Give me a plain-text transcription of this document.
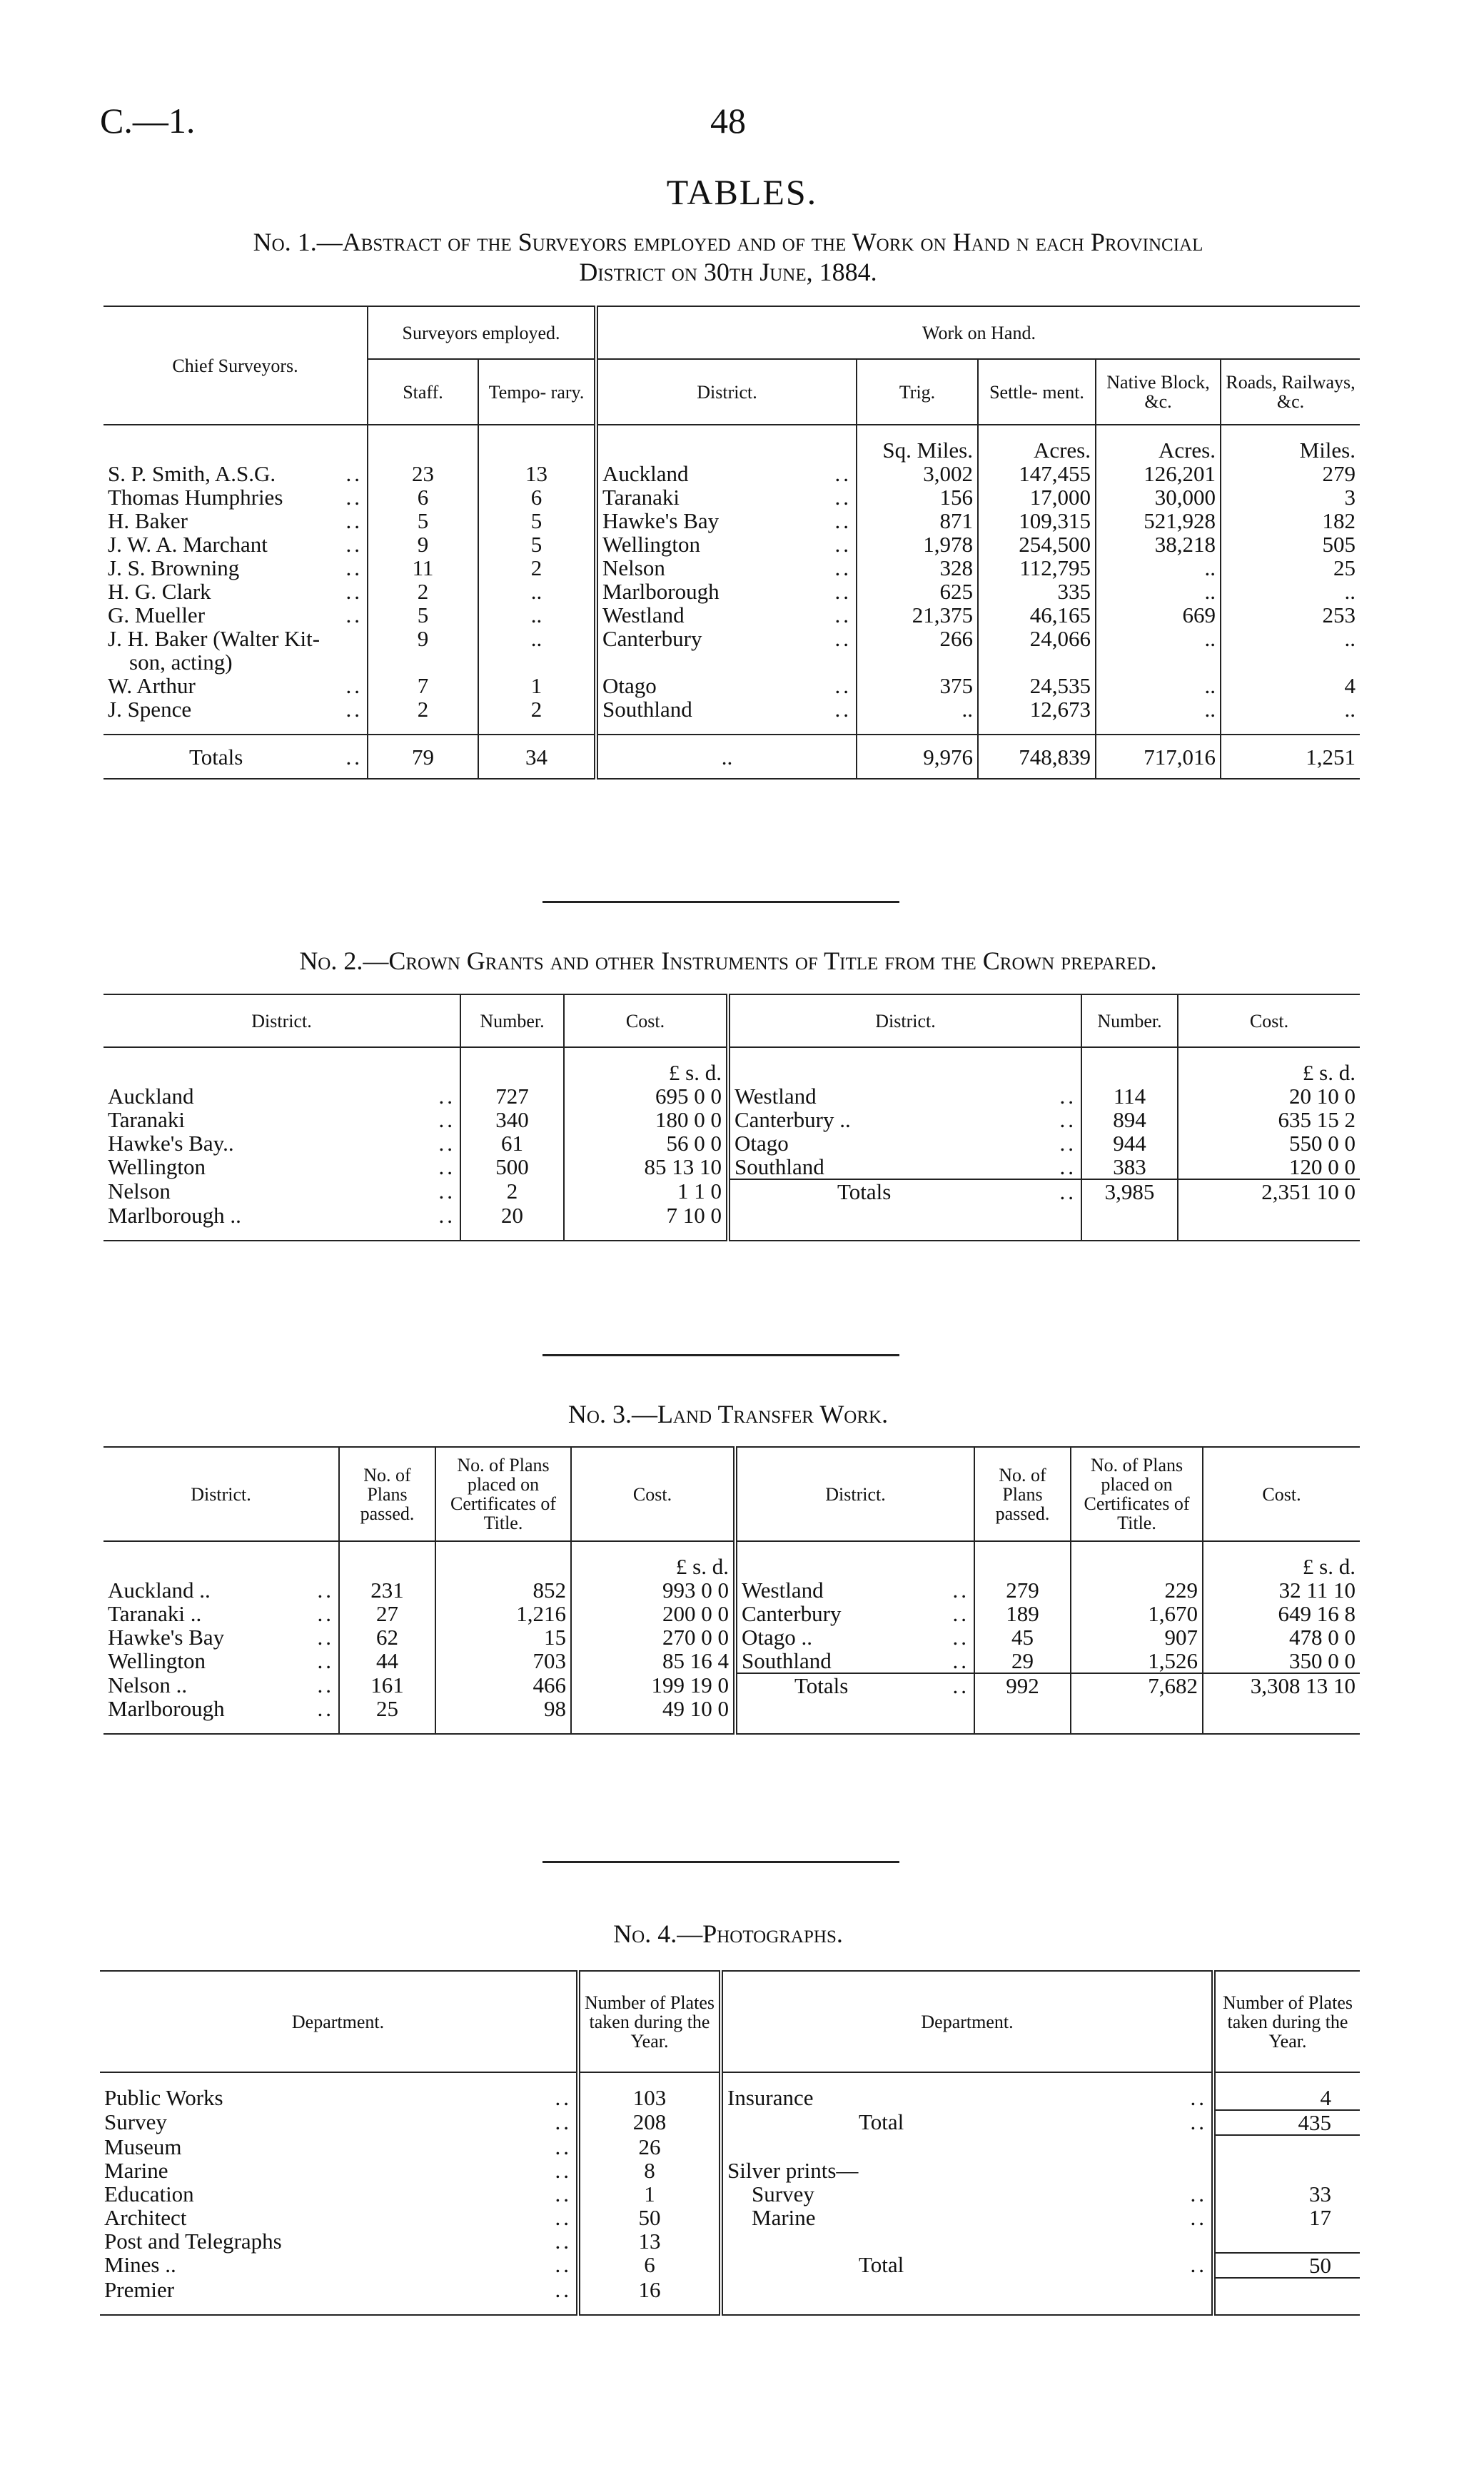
C.—1.	48
TABLES.
No. 1.—Abstract of the Surveyors employed and of the Work on Hand n each Provincial
District on 30th June, 1884.
Chief Surveyors.	Surveyors employed.		Work on Hand.				
	Staff.	Tempo- rary.	District.	Trig.	Settle- ment.	Native Block, &c.	Roads, Railways, &c.

				Sq. Miles.	Acres.	Acres.	Miles.
S. P. Smith, A.S.G. ..	23	13	Auckland ..	3,002	147,455	126,201	279
Thomas Humphries ..	6	6	Taranaki ..	156	17,000	30,000	3
H. Baker ..	5	5	Hawke's Bay ..	871	109,315	521,928	182
J. W. A. Marchant ..	9	5	Wellington ..	1,978	254,500	38,218	505
J. S. Browning ..	11	2	Nelson ..	328	112,795	..	25
H. G. Clark ..	2	..	Marlborough ..	625	335	..	..
G. Mueller ..	5	..	Westland ..	21,375	46,165	669	253
J. H. Baker (Walter Kit-
son, acting)	9	..	Canterbury ..	266	24,066	..	..
W. Arthur ..	7	1	Otago ..	375	24,535	..	4
J. Spence ..	2	2	Southland ..	..	12,673	..	..

Totals ..	79	34	..	9,976	748,839	717,016	1,251
No. 2.—Crown Grants and other Instruments of Title from the Crown prepared.
District.	Number.	Cost.	District.	Number.	Cost.

		£ s. d.			£ s. d.
Auckland ..	727	695 0 0	Westland ..	114	20 10 0
Taranaki ..	340	180 0 0	Canterbury .. ..	894	635 15 2
Hawke's Bay.. ..	61	56 0 0	Otago ..	944	550 0 0
Wellington ..	500	85 13 10	Southland ..	383	120 0 0
Nelson ..	2	1 1 0	Totals ..	3,985	2,351 10 0
Marlborough .. ..	20	7 10 0			

No. 3.—Land Transfer Work.
District.	No. of Plans passed.	No. of Plans placed on Certificates of Title.	Cost.	District.	No. of Plans passed.	No. of Plans placed on Certificates of Title.	Cost.

			£ s. d.				£ s. d.
Auckland .. ..	231	852	993 0 0	Westland ..	279	229	32 11 10
Taranaki .. ..	27	1,216	200 0 0	Canterbury ..	189	1,670	649 16 8
Hawke's Bay ..	62	15	270 0 0	Otago .. ..	45	907	478 0 0
Wellington ..	44	703	85 16 4	Southland ..	29	1,526	350 0 0
Nelson .. ..	161	466	199 19 0	Totals ..	992	7,682	3,308 13 10
Marlborough ..	25	98	49 10 0				

No. 4.—Photographs.
Department.	Number of Plates taken during the Year.	Department.	Number of Plates taken during the Year.

Public Works ..	103	Insurance ..	4
Survey ..	208	Total ..	435
Museum ..	26		
Marine ..	8	Silver prints—	
Education ..	1	Survey ..	33
Architect ..	50	Marine ..	17
Post and Telegraphs ..	13		
Mines .. ..	6	Total ..	50
Premier ..	16		
